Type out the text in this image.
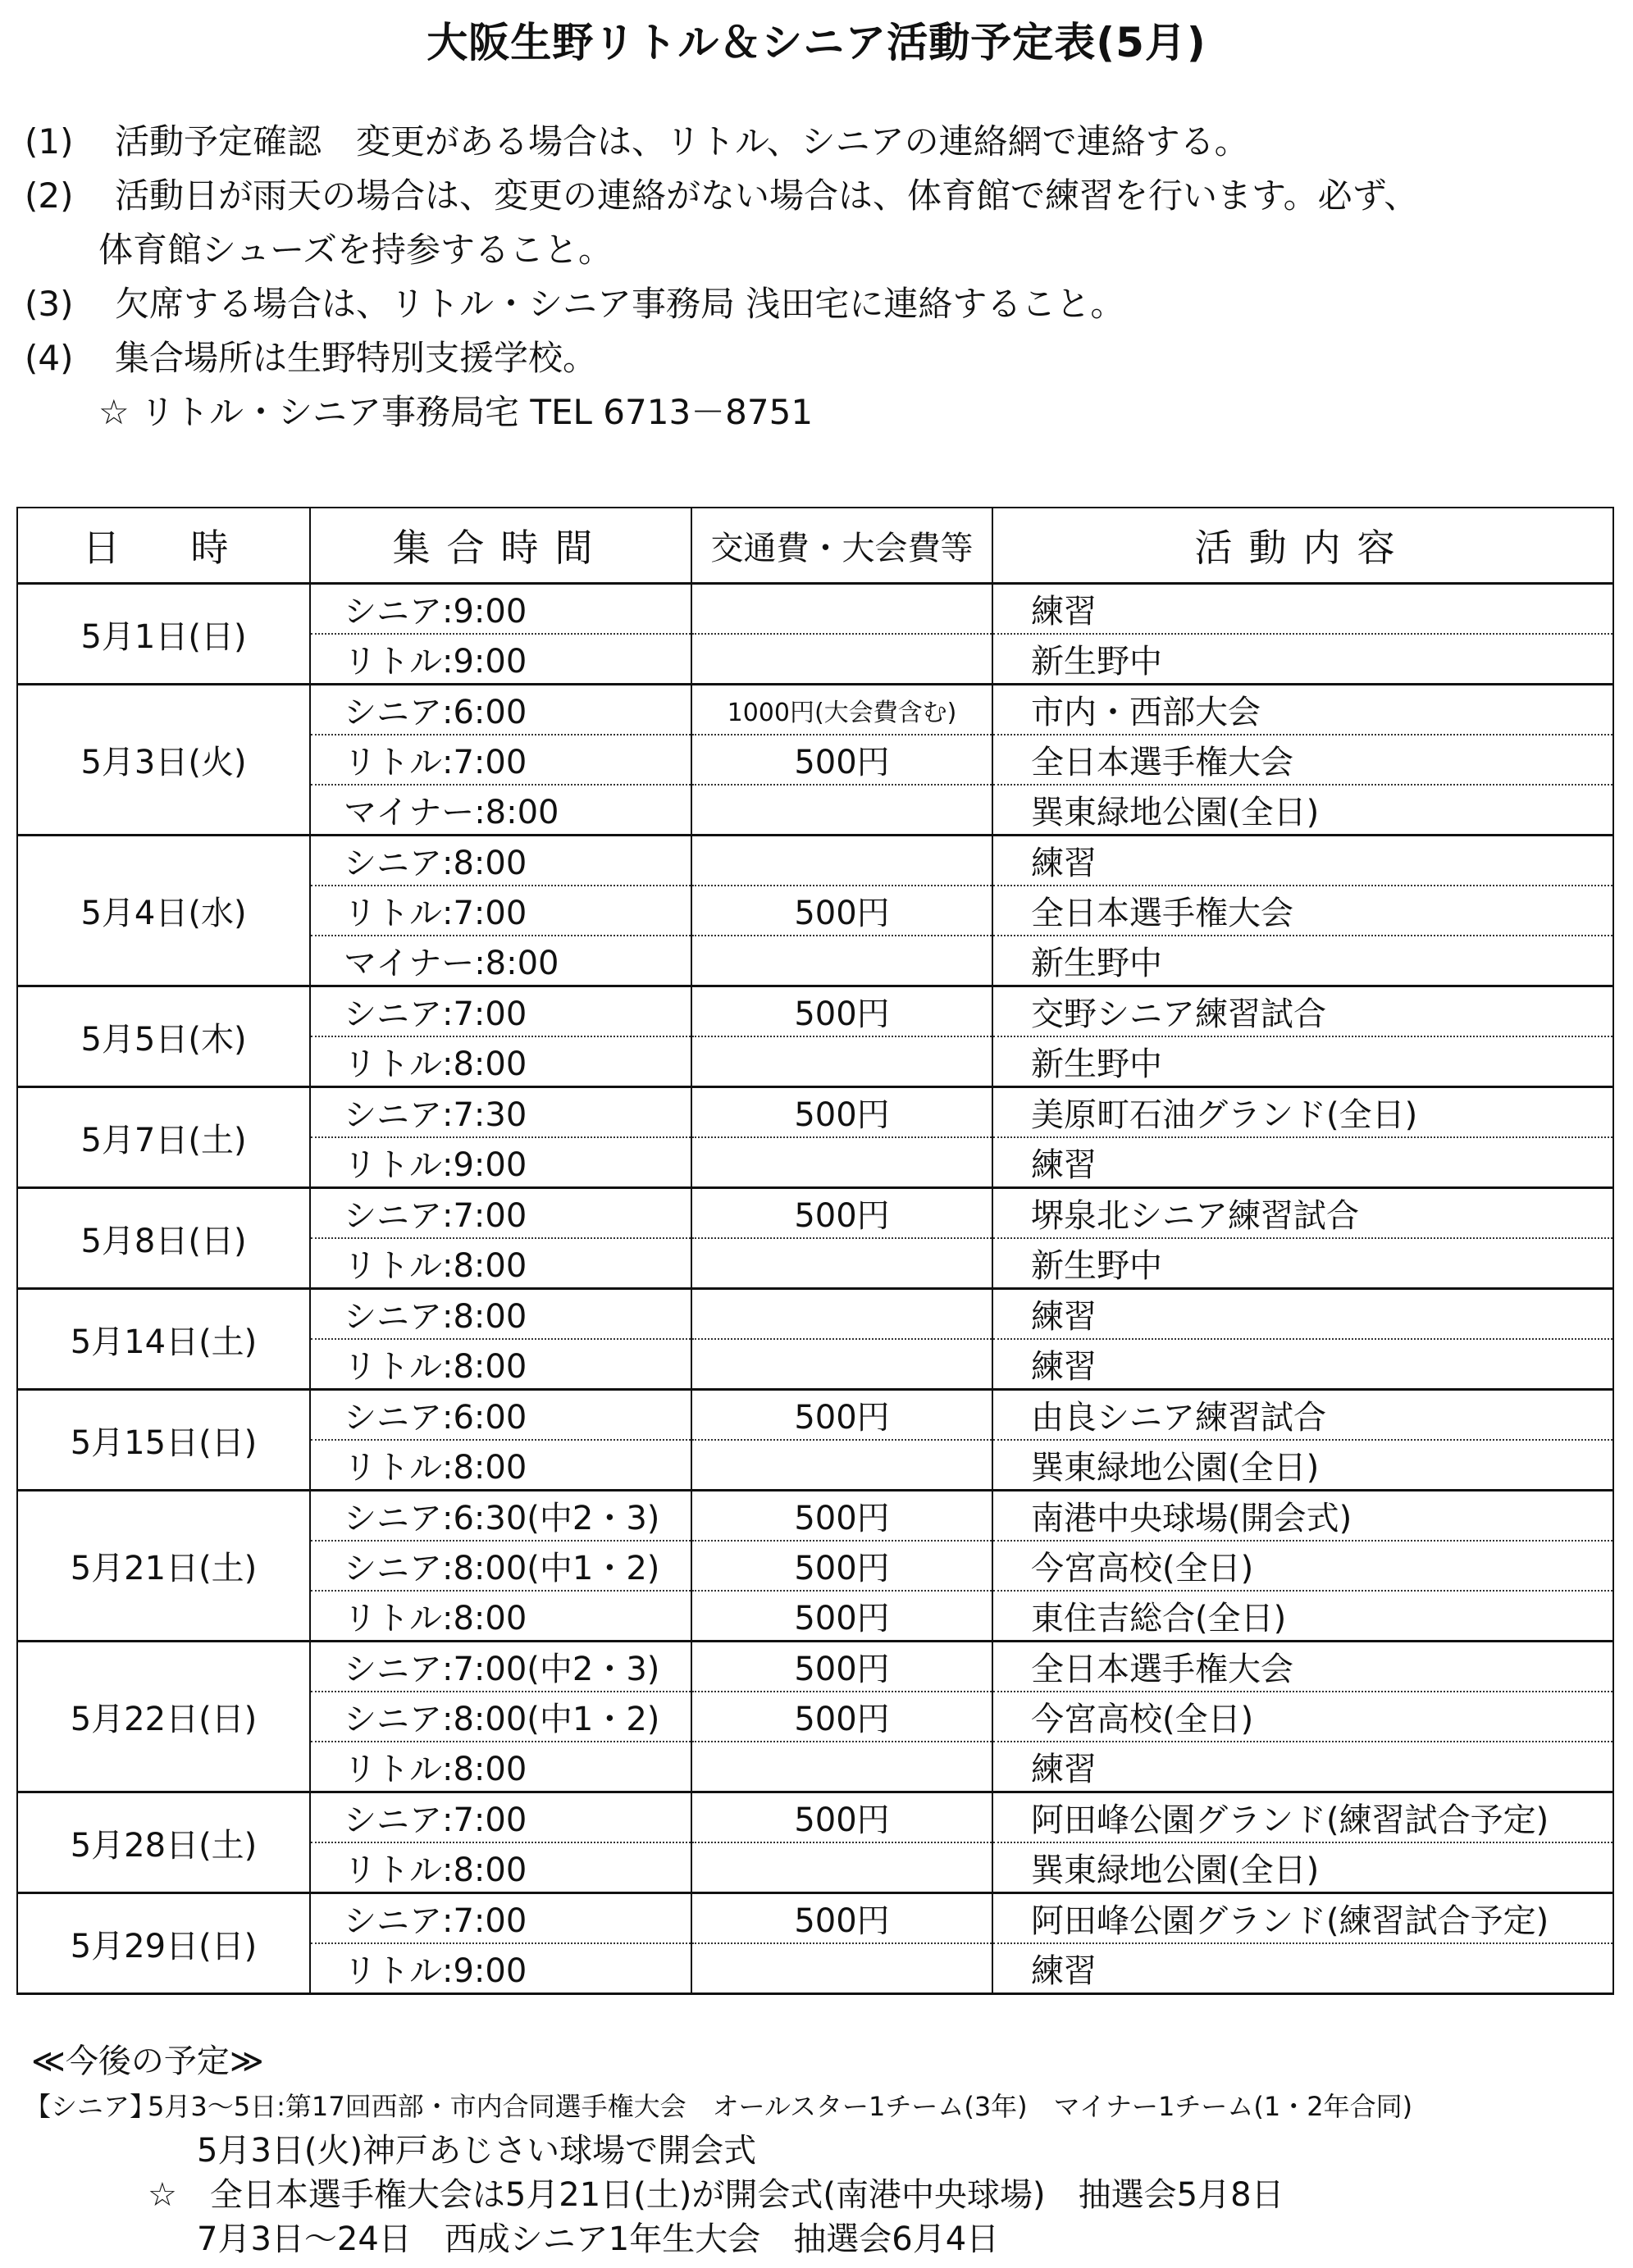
大阪生野リトル＆シニア活動予定表(5月)
(1)	活動予定確認　変更がある場合は、リトル、シニアの連絡網で連絡する。
(2)	活動日が雨天の場合は、変更の連絡がない場合は、体育館で練習を行います。必ず、
体育館シューズを持参すること。
(3)	欠席する場合は、リトル・シニア事務局 浅田宅に連絡すること。
(4)	集合場所は生野特別支援学校。
☆ リトル・シニア事務局宅 TEL 6713－8751
日　時	集合時間	交通費・大会費等	活動内容
5月1日(日)	シニア:9:00		練習
	リトル:9:00		新生野中
5月3日(火)	シニア:6:00	1000円(大会費含む)	市内・西部大会
	リトル:7:00	500円	全日本選手権大会
	マイナー:8:00		巽東緑地公園(全日)
5月4日(水)	シニア:8:00		練習
	リトル:7:00	500円	全日本選手権大会
	マイナー:8:00		新生野中
5月5日(木)	シニア:7:00	500円	交野シニア練習試合
	リトル:8:00		新生野中
5月7日(土)	シニア:7:30	500円	美原町石油グランド(全日)
	リトル:9:00		練習
5月8日(日)	シニア:7:00	500円	堺泉北シニア練習試合
	リトル:8:00		新生野中
5月14日(土)	シニア:8:00		練習
	リトル:8:00		練習
5月15日(日)	シニア:6:00	500円	由良シニア練習試合
	リトル:8:00		巽東緑地公園(全日)
5月21日(土)	シニア:6:30(中2・3)	500円	南港中央球場(開会式)
	シニア:8:00(中1・2)	500円	今宮高校(全日)
	リトル:8:00	500円	東住吉総合(全日)
5月22日(日)	シニア:7:00(中2・3)	500円	全日本選手権大会
	シニア:8:00(中1・2)	500円	今宮高校(全日)
	リトル:8:00		練習
5月28日(土)	シニア:7:00	500円	阿田峰公園グランド(練習試合予定)
	リトル:8:00		巽東緑地公園(全日)
5月29日(日)	シニア:7:00	500円	阿田峰公園グランド(練習試合予定)
	リトル:9:00		練習
≪今後の予定≫
【シニア】5月3～5日:第17回西部・市内合同選手権大会　オールスター1チーム(3年)　マイナー1チーム(1・2年合同)
5月3日(火)神戸あじさい球場で開会式
☆　全日本選手権大会は5月21日(土)が開会式(南港中央球場)　抽選会5月8日
7月3日～24日　西成シニア1年生大会　抽選会6月4日
